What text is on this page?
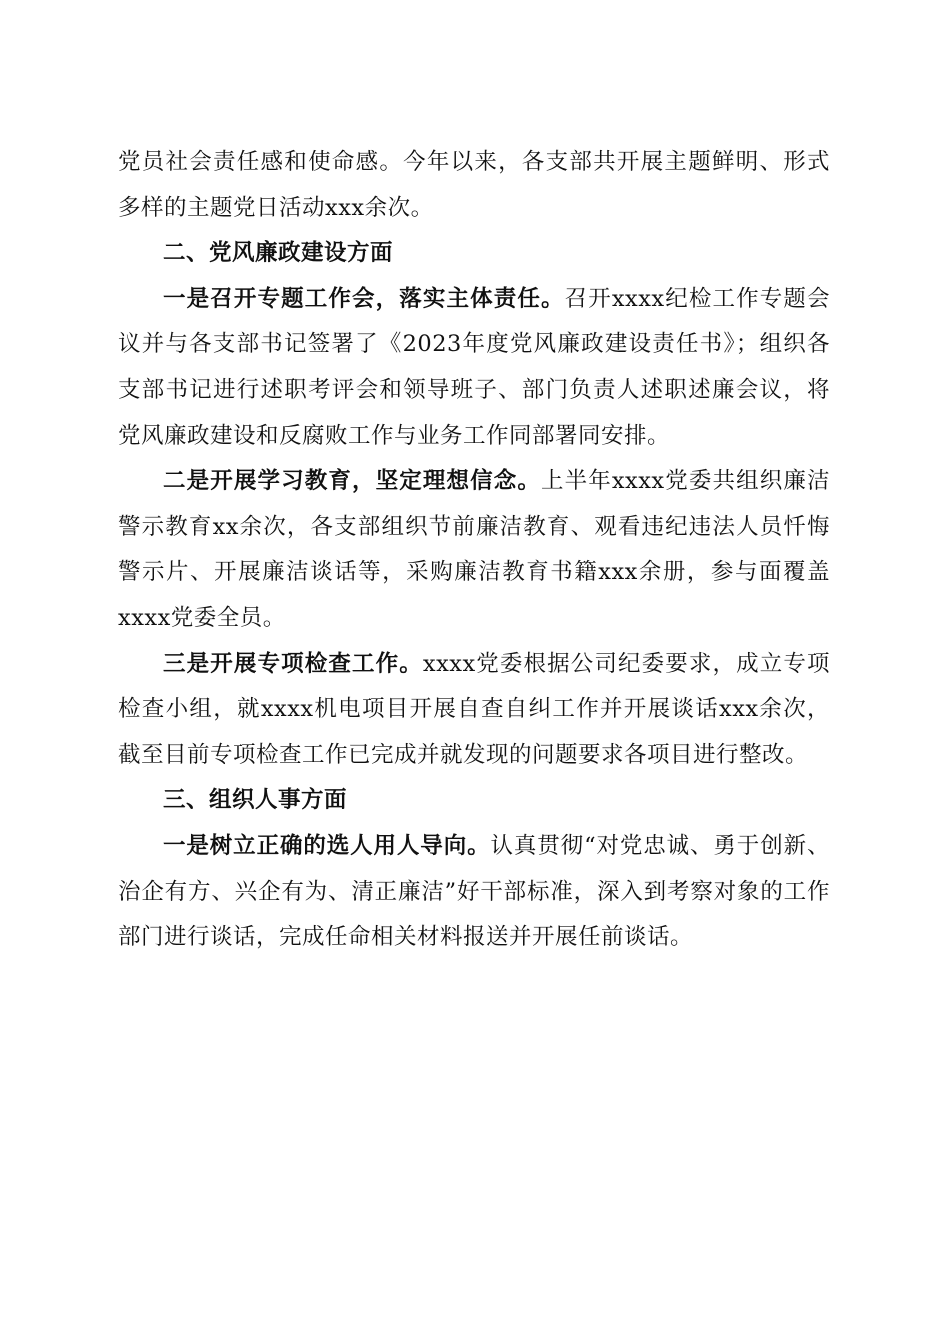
党员社会责任感和使命感。今年以来，各支部共开展主题鲜明、形式多样的主题党日活动xxx余次。

二、党风廉政建设方面

一是召开专题工作会，落实主体责任。召开xxxx纪检工作专题会议并与各支部书记签署了《2023年度党风廉政建设责任书》；组织各支部书记进行述职考评会和领导班子、部门负责人述职述廉会议，将党风廉政建设和反腐败工作与业务工作同部署同安排。

二是开展学习教育，坚定理想信念。上半年xxxx党委共组织廉洁警示教育xx余次，各支部组织节前廉洁教育、观看违纪违法人员忏悔警示片、开展廉洁谈话等，采购廉洁教育书籍xxx余册，参与面覆盖xxxx党委全员。

三是开展专项检查工作。xxxx党委根据公司纪委要求，成立专项检查小组，就xxxx机电项目开展自查自纠工作并开展谈话xxx余次，截至目前专项检查工作已完成并就发现的问题要求各项目进行整改。

三、组织人事方面

一是树立正确的选人用人导向。认真贯彻“对党忠诚、勇于创新、治企有方、兴企有为、清正廉洁”好干部标准，深入到考察对象的工作部门进行谈话，完成任命相关材料报送并开展任前谈话。
